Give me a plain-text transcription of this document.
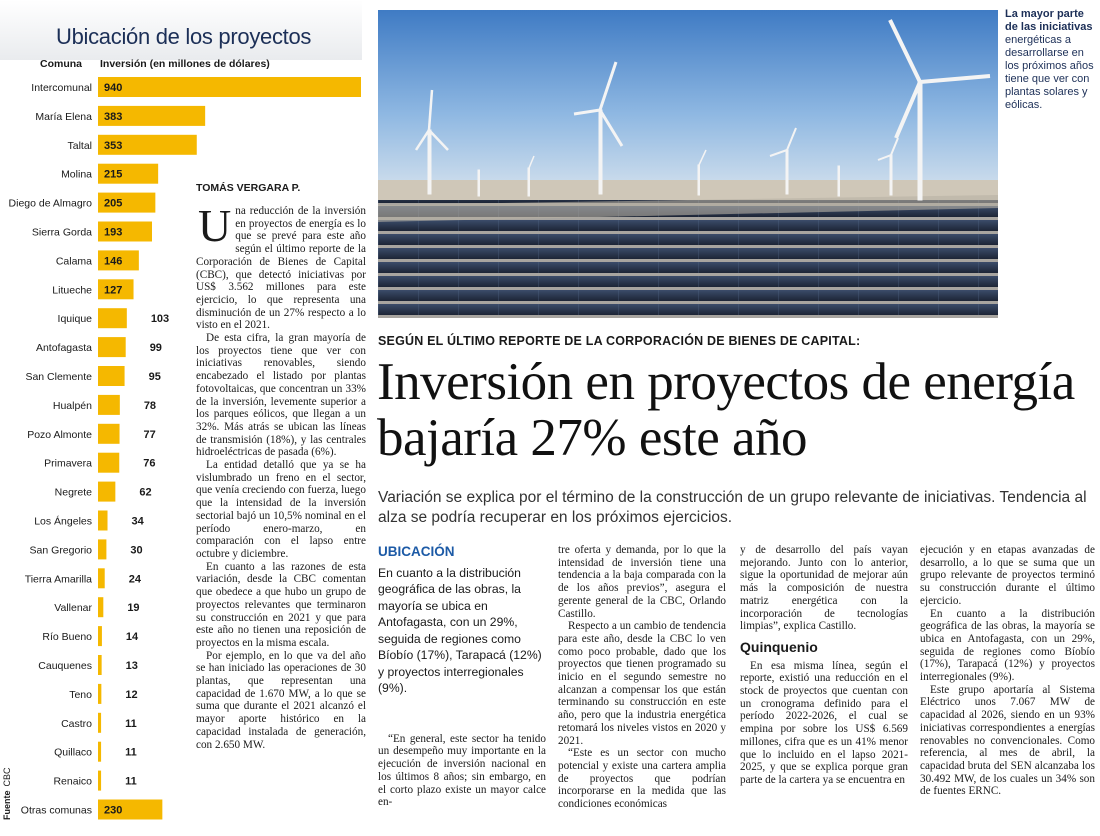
Ubicación de los proyectos
Comuna Inversión (en millones de dólares)
Intercomunal 940
María Elena 383
Taltal 353
Molina 215
Diego de Almagro 205
Sierra Gorda 193
Calama 146
Litueche 127
Iquique	103
Antofagasta	99
San Clemente	95
Hualpén	78
Pozo Almonte	77
Primavera	76
Negrete	62
Los Ángeles	34
San Gregorio	30
Tierra Amarilla	24
Vallenar	19
Río Bueno	14
Cauquenes	13
Teno	12
Castro	11
Quillaco	11
Renaico	11
Otras comunas 230
FuenteCBC
La mayor parte de las iniciativas energéticas a desarrollarse en los próximos años tiene que ver con plantas solares y eólicas.
TOMÁS VERGARA P.

Una reducción de la inversión en proyectos de energía es lo que se prevé para este año según el último reporte de la Corporación de Bienes de Capital (CBC), que detectó iniciativas por US$ 3.562 millones para este ejercicio, lo que representa una disminución de un 27% respecto a lo visto en el 2021.

De esta cifra, la gran mayoría de los proyectos tiene que ver con iniciativas renovables, siendo encabezado el listado por plantas fotovoltaicas, que concentran un 33% de la inversión, levemente superior a los parques eólicos, que llegan a un 32%. Más atrás se ubican las líneas de transmisión (18%), y las centrales hidroeléctricas de pasada (6%).

La entidad detalló que ya se ha vislumbrado un freno en el sector, que venía creciendo con fuerza, luego que la intensidad de la inversión sectorial bajó un 10,5% nominal en el período enero-marzo, en comparación con el lapso entre octubre y diciembre.

En cuanto a las razones de esta variación, desde la CBC comentan que obedece a que hubo un grupo de proyectos relevantes que terminaron su construcción en 2021 y que para este año no tienen una reposición de proyectos en la misma escala.

Por ejemplo, en lo que va del año se han iniciado las operaciones de 30 plantas, que representan una capacidad de 1.670 MW, a lo que se suma que durante el 2021 alcanzó el mayor aporte histórico en la capacidad instalada de generación, con 2.650 MW.

SEGÚN EL ÚLTIMO REPORTE DE LA CORPORACIÓN DE BIENES DE CAPITAL:
Inversión en proyectos de energía bajaría 27% este año
Variación se explica por el término de la construcción de un grupo relevante de iniciativas. Tendencia al alza se podría recuperar en los próximos ejercicios.
UBICACIÓN
En cuanto a la distribución geográfica de las obras, la mayoría se ubica en Antofagasta, con un 29%, seguida de regiones como Bíobío (17%), Tarapacá (12%) y proyectos interregionales (9%).

“En general, este sector ha tenido un desempeño muy importante en la ejecución de inversión nacional en los últimos 8 años; sin embargo, en el corto plazo existe un mayor calce en-

tre oferta y demanda, por lo que la intensidad de inversión tiene una tendencia a la baja comparada con la de los años previos”, asegura el gerente general de la CBC, Orlando Castillo.

Respecto a un cambio de tendencia para este año, desde la CBC lo ven como poco probable, dado que los proyectos que tienen programado su inicio en el segundo semestre no alcanzan a compensar los que están terminando su construcción en este año, pero que la industria energética retomará los niveles vistos en 2020 y 2021.

“Este es un sector con mucho potencial y existe una cartera amplia de proyectos que podrían incorporarse en la medida que las condiciones económicas

y de desarrollo del país vayan mejorando. Junto con lo anterior, sigue la oportunidad de mejorar aún más la composición de nuestra matriz energética con la incorporación de tecnologías limpias”, explica Castillo.

Quinquenio

En esa misma línea, según el reporte, existió una reducción en el stock de proyectos que cuentan con un cronograma definido para el período 2022-2026, el cual se empina por sobre los US$ 6.569 millones, cifra que es un 41% menor que lo incluido en el lapso 2021-2025, y que se explica porque gran parte de la cartera ya se encuentra en

ejecución y en etapas avanzadas de desarrollo, a lo que se suma que un grupo relevante de proyectos terminó su construcción durante el último ejercicio.

En cuanto a la distribución geográfica de las obras, la mayoría se ubica en Antofagasta, con un 29%, seguida de regiones como Bíobío (17%), Tarapacá (12%) y proyectos interregionales (9%).

Este grupo aportaría al Sistema Eléctrico unos 7.067 MW de capacidad al 2026, siendo en un 93% iniciativas correspondientes a energías renovables no convencionales. Como referencia, al mes de abril, la capacidad bruta del SEN alcanzaba los 30.492 MW, de los cuales un 34% son de fuentes ERNC.
